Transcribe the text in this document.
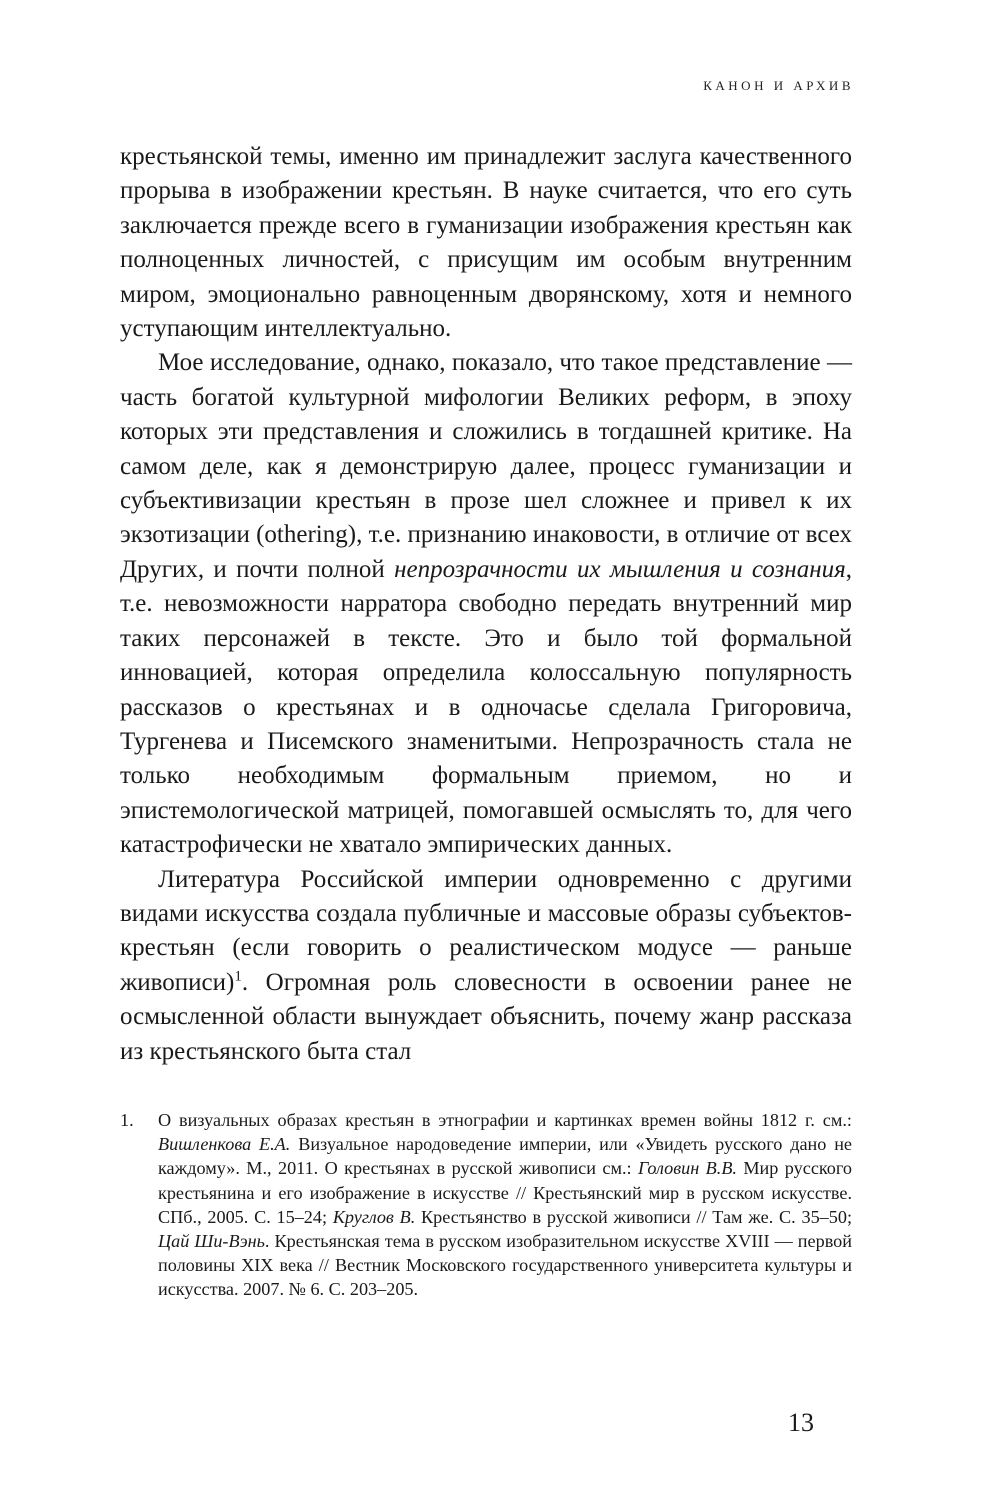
КАНОН И АРХИВ

крестьянской темы, именно им принадлежит заслуга качественного прорыва в изображении крестьян. В науке считается, что его суть заключается прежде всего в гуманизации изображения крестьян как полноценных личностей, с присущим им особым внутренним миром, эмоционально равноценным дворянскому, хотя и немного уступающим интеллектуально.

Мое исследование, однако, показало, что такое представление — часть богатой культурной мифологии Великих реформ, в эпоху которых эти представления и сложились в тогдашней критике. На самом деле, как я демонстрирую далее, процесс гуманизации и субъективизации крестьян в прозе шел сложнее и привел к их экзотизации (othering), т.е. признанию инаковости, в отличие от всех Других, и почти полной непрозрачности их мышления и сознания, т.е. невозможности нарратора свободно передать внутренний мир таких персонажей в тексте. Это и было той формальной инновацией, которая определила колоссальную популярность рассказов о крестьянах и в одночасье сделала Григоровича, Тургенева и Писемского знаменитыми. Непрозрачность стала не только необходимым формальным приемом, но и эпистемологической матрицей, помогавшей осмыслять то, для чего катастрофически не хватало эмпирических данных.

Литература Российской империи одновременно с другими видами искусства создала публичные и массовые образы субъектов-крестьян (если говорить о реалистическом модусе — раньше живописи)$^1$. Огромная роль словесности в освоении ранее не осмысленной области вынуждает объяснить, почему жанр рассказа из крестьянского быта стал

1.	О визуальных образах крестьян в этнографии и картинках времен войны 1812 г. см.: Вишленкова Е.А. Визуальное народоведение империи, или «Увидеть русского дано не каждому». М., 2011. О крестьянах в русской живописи см.: Головин В.В. Мир русского крестьянина и его изображение в искусстве // Крестьянский мир в русском искусстве. СПб., 2005. С. 15–24; Круглов В. Крестьянство в русской живописи // Там же. С. 35–50; Цай Ши-Вэнь. Крестьянская тема в русском изобразительном искусстве XVIII — первой половины XIX века // Вестник Московского государственного университета культуры и искусства. 2007. № 6. С. 203–205.
13
